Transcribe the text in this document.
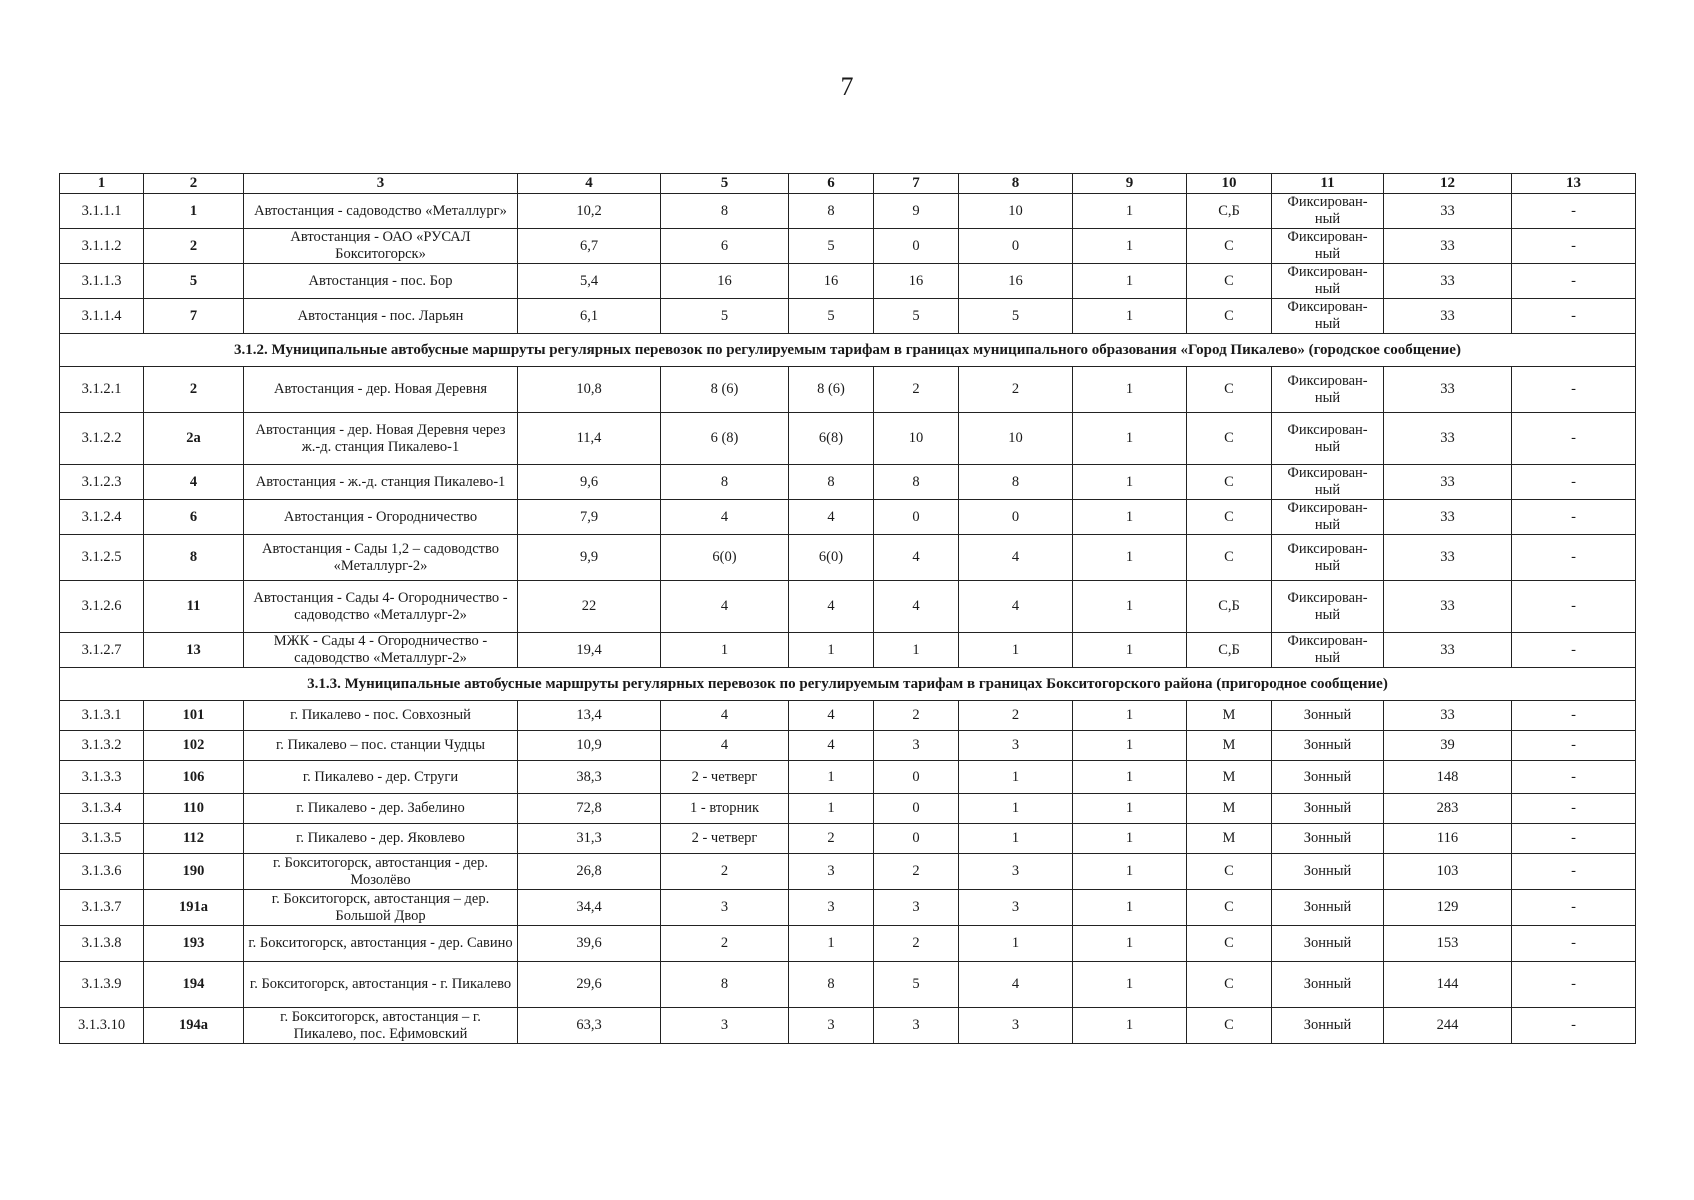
7
1	2	3	4	5	6	7	8	9	10	11	12	13
3.1.1.1	1	Автостанция - садоводство «Металлург»	10,2	8	8	9	10	1	С,Б	Фиксирован-ный	33	-
3.1.1.2	2	Автостанция - ОАО «РУСАЛ Бокситогорск»	6,7	6	5	0	0	1	С	Фиксирован-ный	33	-
3.1.1.3	5	Автостанция - пос. Бор	5,4	16	16	16	16	1	С	Фиксирован-ный	33	-
3.1.1.4	7	Автостанция - пос. Ларьян	6,1	5	5	5	5	1	С	Фиксирован-ный	33	-
3.1.2. Муниципальные автобусные маршруты регулярных перевозок по регулируемым тарифам в границах муниципального образования «Город Пикалево» (городское сообщение)												
3.1.2.1	2	Автостанция - дер. Новая Деревня	10,8	8 (6)	8 (6)	2	2	1	С	Фиксирован-ный	33	-
3.1.2.2	2а	Автостанция - дер. Новая Деревня через ж.-д. станция Пикалево-1	11,4	6 (8)	6(8)	10	10	1	С	Фиксирован-ный	33	-
3.1.2.3	4	Автостанция - ж.-д. станция Пикалево-1	9,6	8	8	8	8	1	С	Фиксирован-ный	33	-
3.1.2.4	6	Автостанция - Огородничество	7,9	4	4	0	0	1	С	Фиксирован-ный	33	-
3.1.2.5	8	Автостанция - Сады 1,2 – садоводство «Металлург-2»	9,9	6(0)	6(0)	4	4	1	С	Фиксирован-ный	33	-
3.1.2.6	11	Автостанция - Сады 4- Огородничество - садоводство «Металлург-2»	22	4	4	4	4	1	С,Б	Фиксирован-ный	33	-
3.1.2.7	13	МЖК - Сады 4 - Огородничество - садоводство «Металлург-2»	19,4	1	1	1	1	1	С,Б	Фиксирован-ный	33	-
3.1.3. Муниципальные автобусные маршруты регулярных перевозок по регулируемым тарифам в границах Бокситогорского района (пригородное сообщение)												
3.1.3.1	101	г. Пикалево - пос. Совхозный	13,4	4	4	2	2	1	М	Зонный	33	-
3.1.3.2	102	г. Пикалево – пос. станции Чудцы	10,9	4	4	3	3	1	М	Зонный	39	-
3.1.3.3	106	г. Пикалево - дер. Струги	38,3	2 - четверг	1	0	1	1	М	Зонный	148	-
3.1.3.4	110	г. Пикалево - дер. Забелино	72,8	1 - вторник	1	0	1	1	М	Зонный	283	-
3.1.3.5	112	г. Пикалево - дер. Яковлево	31,3	2 - четверг	2	0	1	1	М	Зонный	116	-
3.1.3.6	190	г. Бокситогорск, автостанция - дер. Мозолёво	26,8	2	3	2	3	1	С	Зонный	103	-
3.1.3.7	191а	г. Бокситогорск, автостанция – дер. Большой Двор	34,4	3	3	3	3	1	С	Зонный	129	-
3.1.3.8	193	г. Бокситогорск, автостанция - дер. Савино	39,6	2	1	2	1	1	С	Зонный	153	-
3.1.3.9	194	г. Бокситогорск, автостанция - г. Пикалево	29,6	8	8	5	4	1	С	Зонный	144	-
3.1.3.10	194а	г. Бокситогорск, автостанция – г. Пикалево, пос. Ефимовский	63,3	3	3	3	3	1	С	Зонный	244	-
